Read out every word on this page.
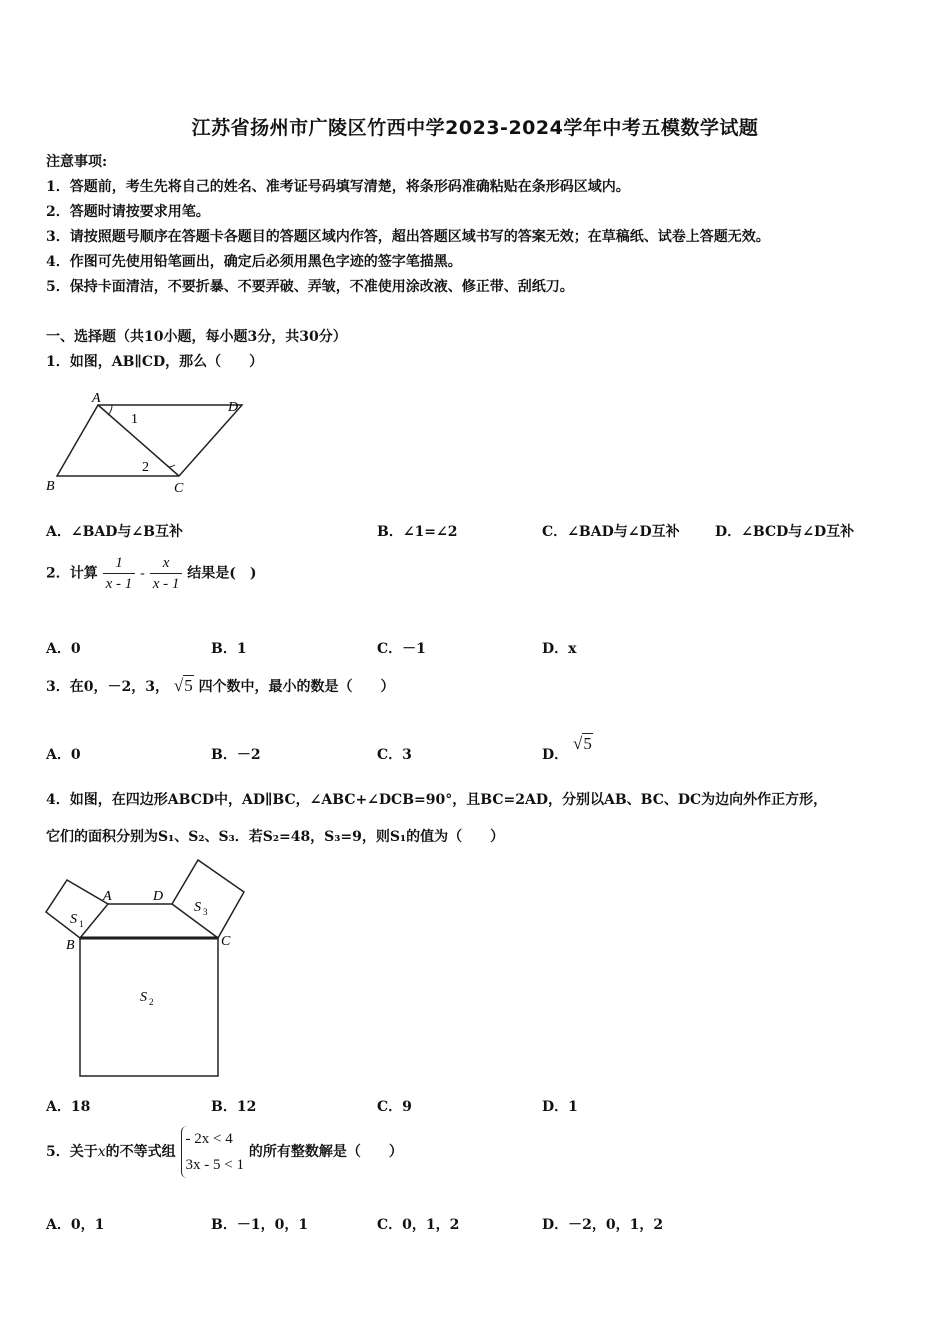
江苏省扬州市广陵区竹西中学2023-2024学年中考五模数学试题
注意事项:
1．答题前，考生先将自己的姓名、准考证号码填写清楚，将条形码准确粘贴在条形码区域内。
2．答题时请按要求用笔。
3．请按照题号顺序在答题卡各题目的答题区域内作答，超出答题区域书写的答案无效；在草稿纸、试卷上答题无效。
4．作图可先使用铅笔画出，确定后必须用黑色字迹的签字笔描黑。
5．保持卡面清洁，不要折暴、不要弄破、弄皱，不准使用涂改液、修正带、刮纸刀。
一、选择题（共10小题，每小题3分，共30分）
1．如图，AB∥CD，那么（　　）
A
D
B	C
1
2
A．∠BAD与∠B互补	B．∠1=∠2	C．∠BAD与∠D互补	D．∠BCD与∠D互补
2．计算 $\frac{1}{x - 1} - \frac{x}{x - 1}$ 结果是(　)
A．0	B．1	C．－1	D．x
3．在0，－2，3， √5 四个数中，最小的数是（　　）
A．0	B．－2	C．3	D． √5
4．如图，在四边形ABCD中，AD∥BC，∠ABC+∠DCB=90°，且BC=2AD，分别以AB、BC、DC为边向外作正方形，
它们的面积分别为S₁、S₂、S₃．若S₂=48，S₃=9，则S₁的值为（　　）
A	D
B	C
S 1
S 3
S 2
A．18	B．12	C．9	D．1
5．关于x的不等式组
- 2x < 4
3x - 5 < 1
的所有整数解是（　　）
A．0，1	B．－1，0，1	C．0，1，2	D．－2，0，1，2
